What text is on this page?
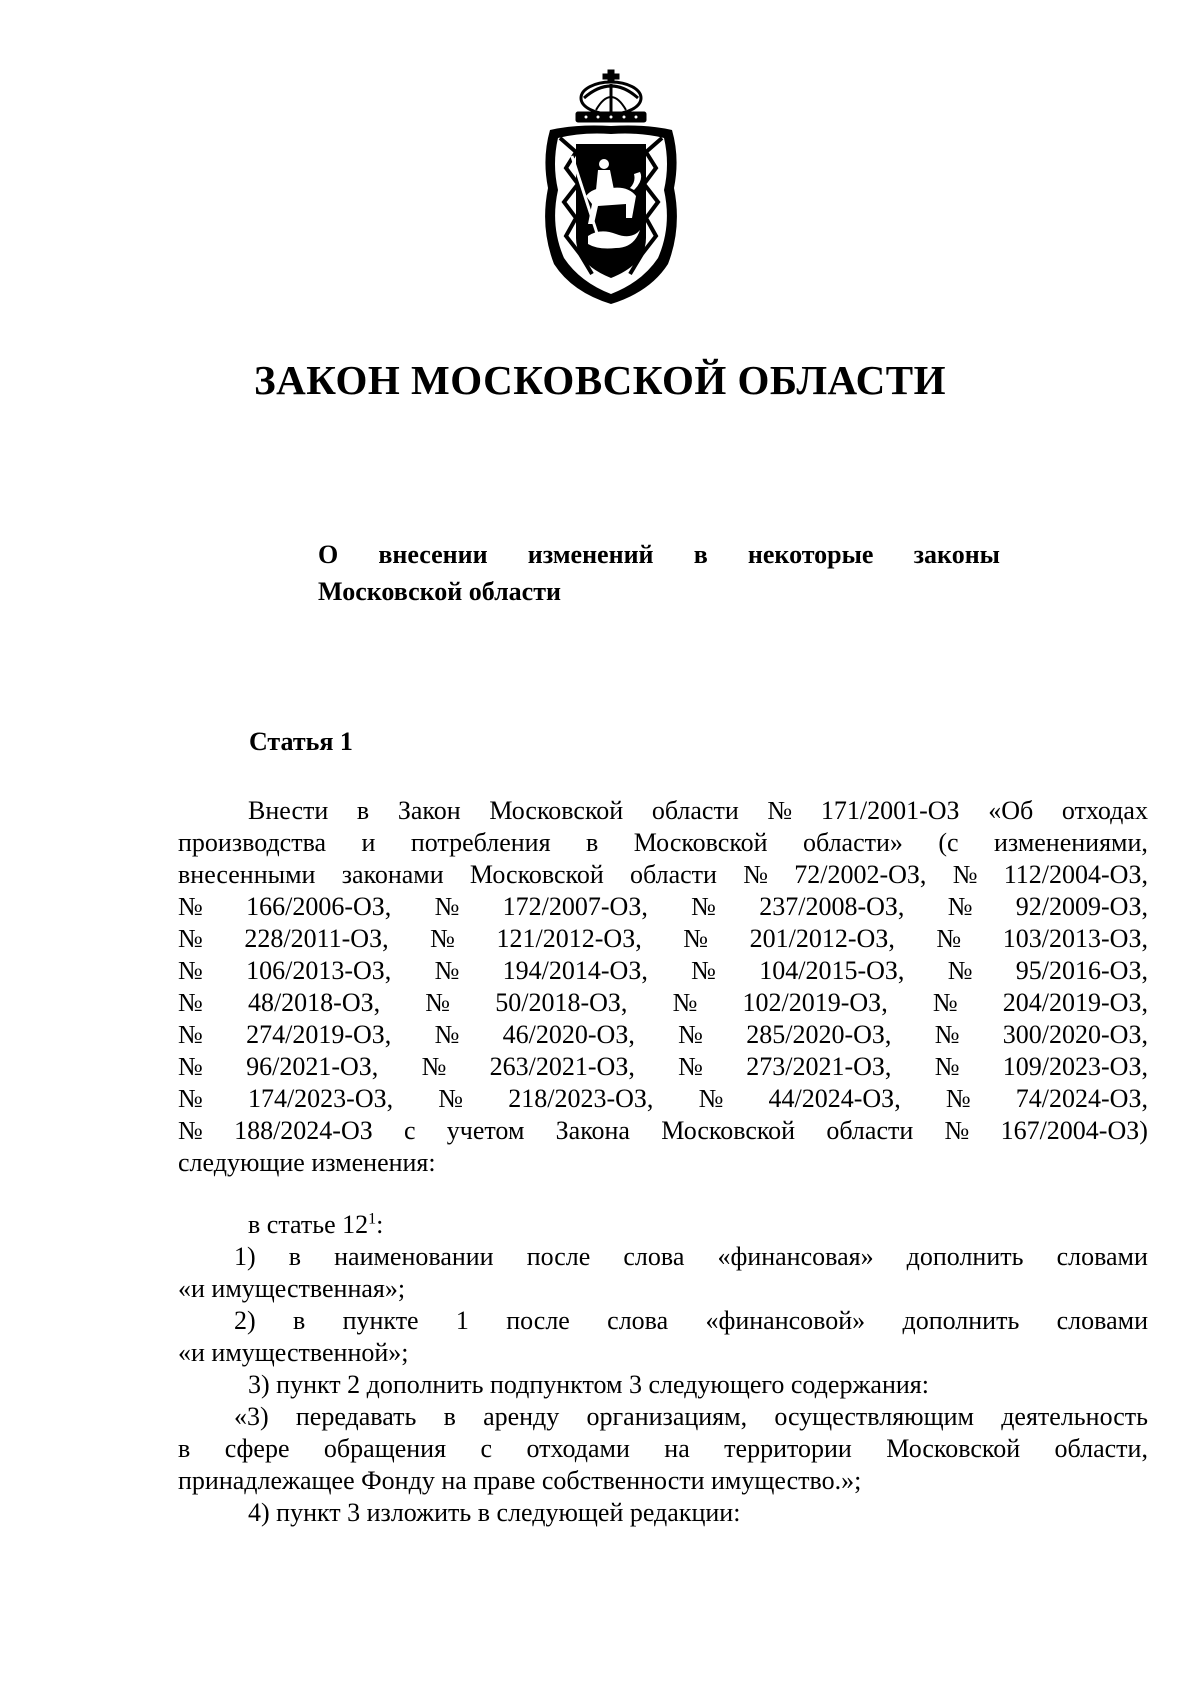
ЗАКОН МОСКОВСКОЙ ОБЛАСТИ
О внесении изменений в некоторые законы
Московской области
Статья 1
Внести в Закон Московской области № 171/2001-ОЗ «Об отходах
производства и потребления в Московской области» (с изменениями,
внесенными законами Московской области № 72/2002-ОЗ, № 112/2004-ОЗ,
№ 166/2006-ОЗ, № 172/2007-ОЗ, № 237/2008-ОЗ, № 92/2009-ОЗ,
№ 228/2011-ОЗ, № 121/2012-ОЗ, № 201/2012-ОЗ, № 103/2013-ОЗ,
№ 106/2013-ОЗ, № 194/2014-ОЗ, № 104/2015-ОЗ, № 95/2016-ОЗ,
№ 48/2018-ОЗ, № 50/2018-ОЗ, № 102/2019-ОЗ, № 204/2019-ОЗ,
№ 274/2019-ОЗ, № 46/2020-ОЗ, № 285/2020-ОЗ, № 300/2020-ОЗ,
№ 96/2021-ОЗ, № 263/2021-ОЗ, № 273/2021-ОЗ, № 109/2023-ОЗ,
№ 174/2023-ОЗ, № 218/2023-ОЗ, № 44/2024-ОЗ, № 74/2024-ОЗ,
№ 188/2024-ОЗ с учетом Закона Московской области № 167/2004-ОЗ)
следующие изменения:
в статье $12^1$:
1) в наименовании после слова «финансовая» дополнить словами
«и имущественная»;
2) в пункте 1 после слова «финансовой» дополнить словами
«и имущественной»;
3) пункт 2 дополнить подпунктом 3 следующего содержания:
«3) передавать в аренду организациям, осуществляющим деятельность
в сфере обращения с отходами на территории Московской области,
принадлежащее Фонду на праве собственности имущество.»;
4) пункт 3 изложить в следующей редакции:
